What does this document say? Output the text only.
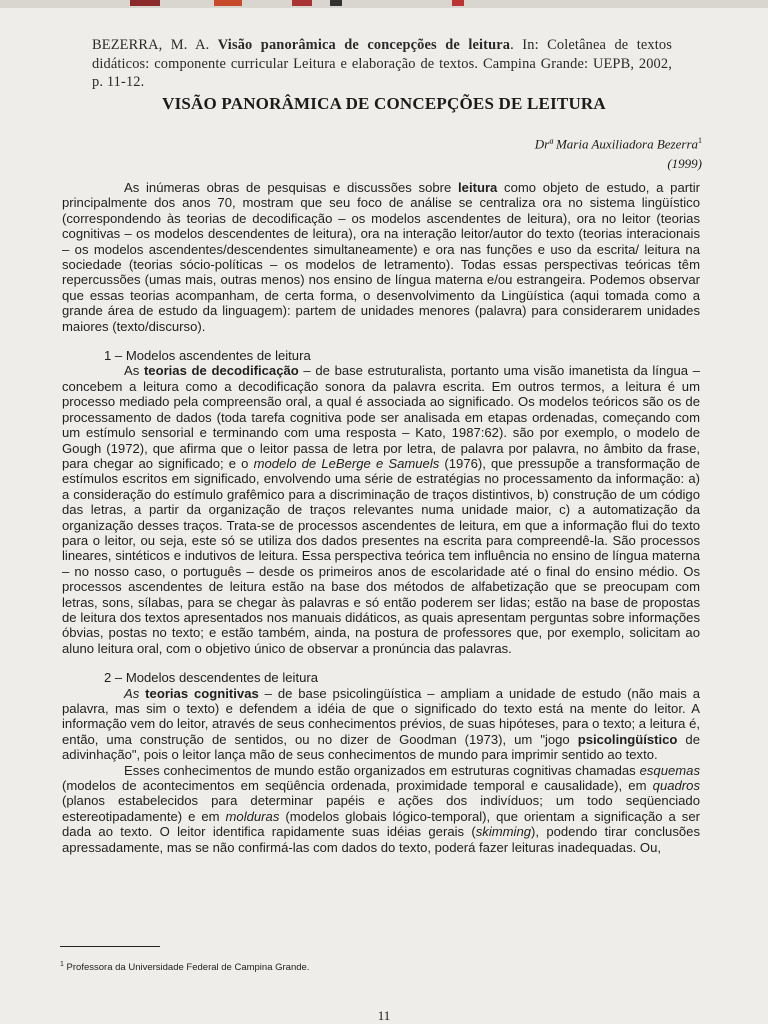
BEZERRA, M. A. Visão panorâmica de concepções de leitura. In: Coletânea de textos didáticos: componente curricular Leitura e elaboração de textos. Campina Grande: UEPB, 2002, p. 11-12.
VISÃO PANORÂMICA DE CONCEPÇÕES DE LEITURA
Drª Maria Auxiliadora Bezerra$^1$
(1999)

As inúmeras obras de pesquisas e discussões sobre leitura como objeto de estudo, a partir principalmente dos anos 70, mostram que seu foco de análise se centraliza ora no sistema lingüístico (correspondendo às teorias de decodificação – os modelos ascendentes de leitura), ora no leitor (teorias cognitivas – os modelos descendentes de leitura), ora na interação leitor/autor do texto (teorias interacionais – os modelos ascendentes/descendentes simultaneamente) e ora nas funções e uso da escrita/ leitura na sociedade (teorias sócio-políticas – os modelos de letramento). Todas essas perspectivas teóricas têm repercussões (umas mais, outras menos) nos ensino de língua materna e/ou estrangeira. Podemos observar que essas teorias acompanham, de certa forma, o desenvolvimento da Lingüística (aqui tomada como a grande área de estudo da linguagem): partem de unidades menores (palavra) para considerarem unidades maiores (texto/discurso).

1 – Modelos ascendentes de leitura

As teorias de decodificação – de base estruturalista, portanto uma visão imanetista da língua – concebem a leitura como a decodificação sonora da palavra escrita. Em outros termos, a leitura é um processo mediado pela compreensão oral, a qual é associada ao significado. Os modelos teóricos são os de processamento de dados (toda tarefa cognitiva pode ser analisada em etapas ordenadas, começando com um estímulo sensorial e terminando com uma resposta – Kato, 1987:62). são por exemplo, o modelo de Gough (1972), que afirma que o leitor passa de letra por letra, de palavra por palavra, no âmbito da frase, para chegar ao significado; e o modelo de LeBerge e Samuels (1976), que pressupõe a transformação de estímulos escritos em significado, envolvendo uma série de estratégias no processamento da informação: a) a consideração do estímulo grafêmico para a discriminação de traços distintivos, b) construção de um código das letras, a partir da organização de traços relevantes numa unidade maior, c) a automatização da organização desses traços. Trata-se de processos ascendentes de leitura, em que a informação flui do texto para o leitor, ou seja, este só se utiliza dos dados presentes na escrita para compreendê-la. São processos lineares, sintéticos e indutivos de leitura. Essa perspectiva teórica tem influência no ensino de língua materna – no nosso caso, o português – desde os primeiros anos de escolaridade até o final do ensino médio. Os processos ascendentes de leitura estão na base dos métodos de alfabetização que se preocupam com letras, sons, sílabas, para se chegar às palavras e só então poderem ser lidas; estão na base de propostas de leitura dos textos apresentados nos manuais didáticos, as quais apresentam perguntas sobre informações óbvias, postas no texto; e estão também, ainda, na postura de professores que, por exemplo, solicitam ao aluno leitura oral, com o objetivo único de observar a pronúncia das palavras.

2 – Modelos descendentes de leitura

As teorias cognitivas – de base psicolingüística – ampliam a unidade de estudo (não mais a palavra, mas sim o texto) e defendem a idéia de que o significado do texto está na mente do leitor. A informação vem do leitor, através de seus conhecimentos prévios, de suas hipóteses, para o texto; a leitura é, então, uma construção de sentidos, ou no dizer de Goodman (1973), um "jogo psicolingüístico de adivinhação", pois o leitor lança mão de seus conhecimentos de mundo para imprimir sentido ao texto.

Esses conhecimentos de mundo estão organizados em estruturas cognitivas chamadas esquemas (modelos de acontecimentos em seqüência ordenada, proximidade temporal e causalidade), em quadros (planos estabelecidos para determinar papéis e ações dos indivíduos; um todo seqüenciado estereotipadamente) e em molduras (modelos globais lógico-temporal), que orientam a significação a ser dada ao texto. O leitor identifica rapidamente suas idéias gerais (skimming), podendo tirar conclusões apressadamente, mas se não confirmá-las com dados do texto, poderá fazer leituras inadequadas. Ou,

$^1$ Professora da Universidade Federal de Campina Grande.
11
